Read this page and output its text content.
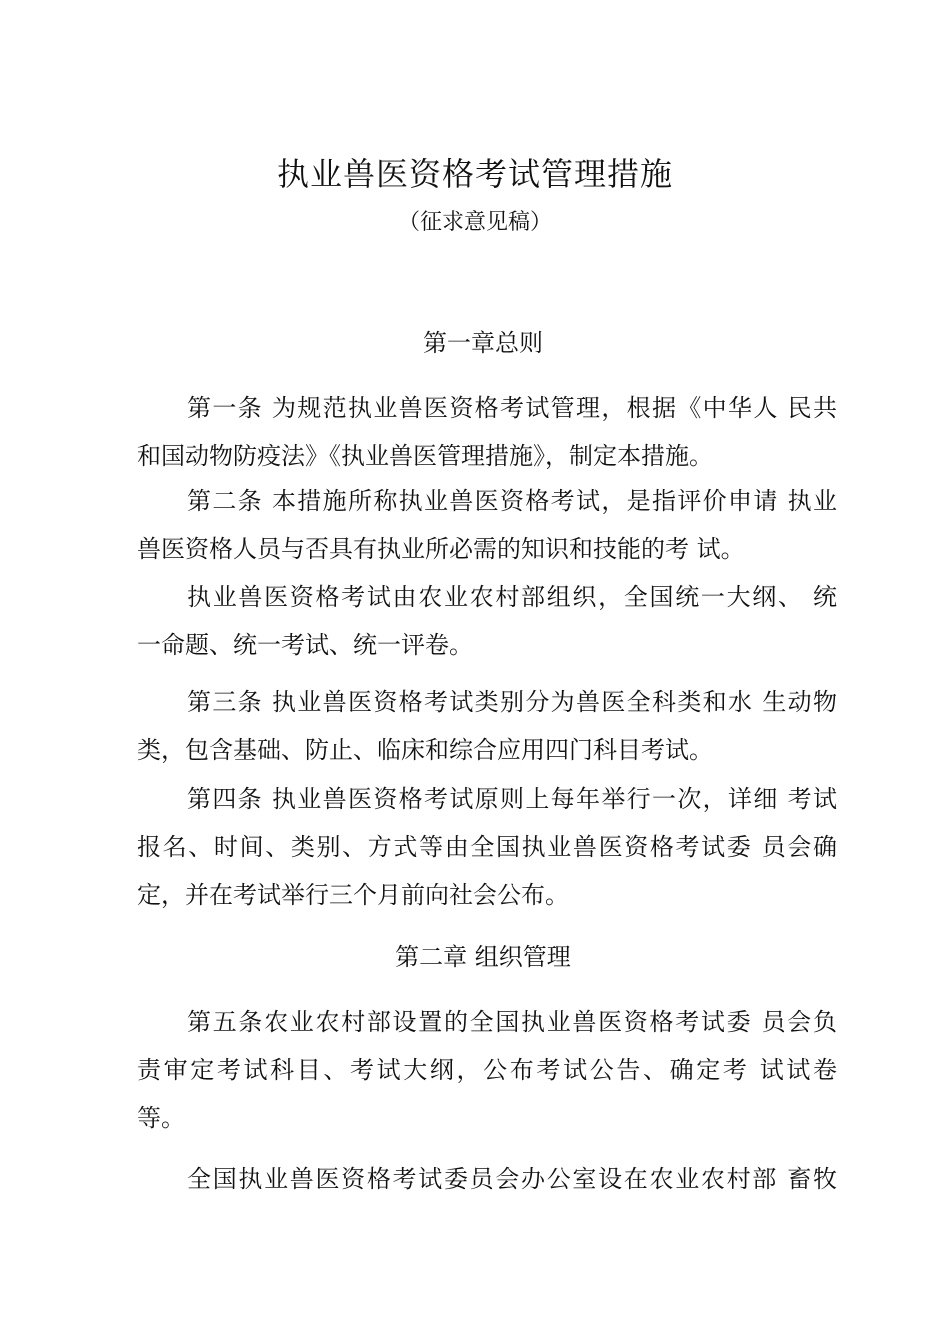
执业兽医资格考试管理措施
（征求意见稿）
第一章总则
第一条 为规范执业兽医资格考试管理，根据《中华人 民共
和国动物防疫法》《执业兽医管理措施》，制定本措施。
第二条 本措施所称执业兽医资格考试，是指评价申请 执业
兽医资格人员与否具有执业所必需的知识和技能的考 试。
执业兽医资格考试由农业农村部组织，全国统一大纲、 统
一命题、统一考试、统一评卷。
第三条 执业兽医资格考试类别分为兽医全科类和水 生动物
类，包含基础、防止、临床和综合应用四门科目考试。
第四条 执业兽医资格考试原则上每年举行一次，详细 考试
报名、时间、类别、方式等由全国执业兽医资格考试委 员会确
定，并在考试举行三个月前向社会公布。
第二章 组织管理
第五条农业农村部设置的全国执业兽医资格考试委 员会负
责审定考试科目、考试大纲，公布考试公告、确定考 试试卷
等。
全国执业兽医资格考试委员会办公室设在农业农村部 畜牧
